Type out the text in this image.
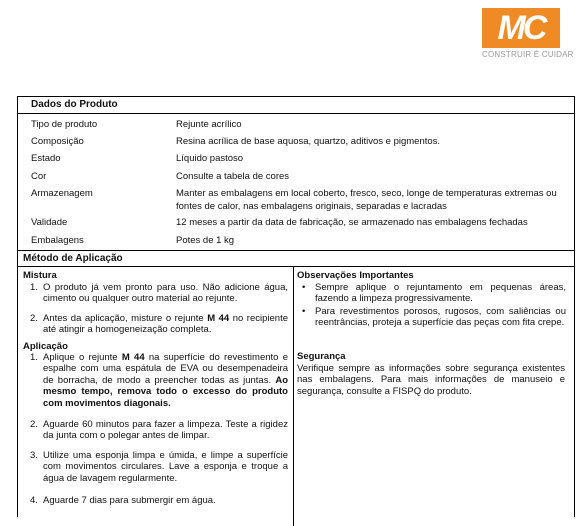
MC
CONSTRUIR É CUIDAR
Dados do Produto
Tipo de produto	Rejunte acrílico
Composição	Resina acrílica de base aquosa, quartzo, aditivos e pigmentos.
Estado	Líquido pastoso
Cor	Consulte a tabela de cores
Armazenagem	Manter as embalagens em local coberto, fresco, seco, longe de temperaturas extremas ou fontes de calor, nas embalagens originais, separadas e lacradas
Validade	12 meses a partir da data de fabricação, se armazenado nas embalagens fechadas
Embalagens	Potes de 1 kg
Método de Aplicação
Mistura
1. O produto já vem pronto para uso. Não adicione água, cimento ou qualquer outro material ao rejunte.
2. Antes da aplicação, misture o rejunte M 44 no recipiente até atingir a homogeneização completa.
Aplicação
1. Aplique o rejunte M 44 na superfície do revestimento e espalhe com uma espátula de EVA ou desempenadeira de borracha, de modo a preencher todas as juntas. Ao mesmo tempo, remova todo o excesso do produto com movimentos diagonais.
2. Aguarde 60 minutos para fazer a limpeza. Teste a rigidez da junta com o polegar antes de limpar.
3. Utilize uma esponja limpa e úmida, e limpe a superfície com movimentos circulares. Lave a esponja e troque a água de lavagem regularmente.
4. Aguarde 7 dias para submergir em água.
Observações Importantes
• Sempre aplique o rejuntamento em pequenas áreas, fazendo a limpeza progressivamente.
• Para revestimentos porosos, rugosos, com saliências ou reentrâncias, proteja a superfície das peças com fita crepe.
Segurança
Verifique sempre as informações sobre segurança existentes nas embalagens. Para mais informações de manuseio e segurança, consulte a FISPQ do produto.
